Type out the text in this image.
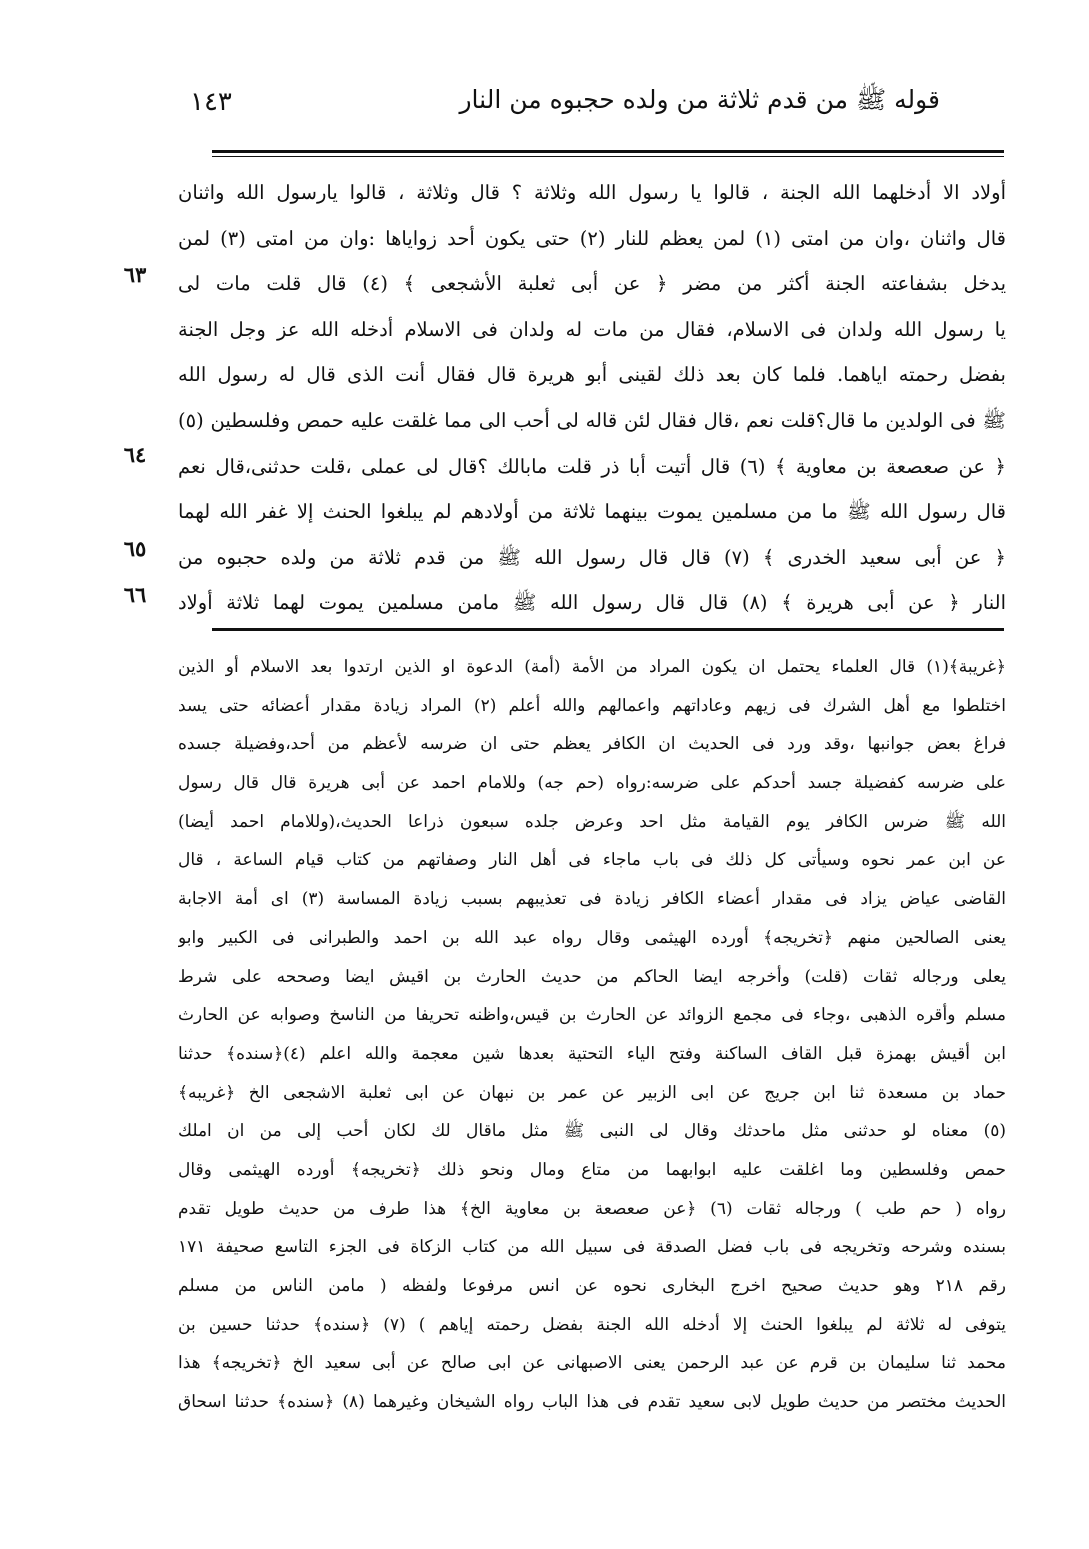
قوله ﷺ من قدم ثلاثة من ولده حجبوه من النار
١٤٣
أولاد الا أدخلهما الله الجنة ، قالوا يا رسول الله وثلاثة ؟ قال وثلاثة ، قالوا يارسول الله واثنان
قال واثنان ،وان من امتى (١) لمن يعظم للنار (٢) حتى يكون أحد زواياها :وان من امتى (٣) لمن
يدخل بشفاعته الجنة أكثر من مضر ﴿ عن أبى ثعلبة الأشجعى ﴾ (٤) قال قلت مات لى
يا رسول الله ولدان فى الاسلام، فقال من مات له ولدان فى الاسلام أدخله الله عز وجل الجنة
بفضل رحمته اياهما. فلما كان بعد ذلك لقينى أبو هريرة قال فقال أنت الذى قال له رسول الله
ﷺ فى الولدين ما قال؟قلت نعم ،قال فقال لئن قاله لى أحب الى مما غلقت عليه حمص وفلسطين (٥)
﴿ عن صعصعة بن معاوية ﴾ (٦) قال أتيت أبا ذر قلت مابالك ؟قال لى عملى ،قلت حدثنى،قال نعم
قال رسول الله ﷺ ما من مسلمين يموت بينهما ثلاثة من أولادهم لم يبلغوا الحنث إلا غفر الله لهما
﴿ عن أبى سعيد الخدرى ﴾ (٧) قال قال رسول الله ﷺ من قدم ثلاثة من ولده حجبوه من
النار ﴿ عن أبى هريرة ﴾ (٨) قال قال رسول الله ﷺ مامن مسلمين يموت لهما ثلاثة أولاد
٦٣
٦٤
٦٥
٦٦
﴿غريبة﴾(١) قال العلماء يحتمل ان يكون المراد من الأمة (أمة) الدعوة او الذين ارتدوا بعد الاسلام أو الذين
اختلطوا مع أهل الشرك فى زيهم وعاداتهم واعمالهم والله أعلم (٢) المراد زيادة مقدار أعضائه حتى يسد
فراغ بعض جوانبها ،وقد ورد فى الحديث ان الكافر يعظم حتى ان ضرسه لأعظم من أحد،وفضيلة جسده
على ضرسه كفضيلة جسد أحدكم على ضرسه:رواه (حم جه) وللامام احمد عن أبى هريرة قال قال رسول
الله ﷺ ضرس الكافر يوم القيامة مثل احد وعرض جلده سبعون ذراعا الحديث،(وللامام احمد أيضا)
عن ابن عمر نحوه وسيأتى كل ذلك فى باب ماجاء فى أهل النار وصفاتهم من كتاب قيام الساعة ، قال
القاضى عياض يزاد فى مقدار أعضاء الكافر زيادة فى تعذيبهم بسبب زيادة المساسة (٣) اى أمة الاجابة
يعنى الصالحين منهم ﴿تخريجه﴾ أورده الهيثمى وقال رواه عبد الله بن احمد والطبرانى فى الكبير وابو
يعلى ورجاله ثقات (قلت) وأخرجه ايضا الحاكم من حديث الحارث بن اقيش ايضا وصححه على شرط
مسلم وأقره الذهبى ،وجاء فى مجمع الزوائد عن الحارث بن قيس،واظنه تحريفا من الناسخ وصوابه عن الحارث
ابن أقيش بهمزة قبل القاف الساكنة وفتح الياء التحتية بعدها شين معجمة والله اعلم (٤)﴿سنده﴾ حدثنا
حماد بن مسعدة ثنا ابن جريج عن ابى الزبير عن عمر بن نبهان عن ابى ثعلبة الاشجعى الخ ﴿غريبه﴾
(٥) معناه لو حدثنى مثل ماحدثك وقال لى النبى ﷺ مثل ماقال لك لكان أحب إلى من ان املك
حمص وفلسطين وما اغلقت عليه ابوابهما من متاع ومال ونحو ذلك ﴿تخريجه﴾ أورده الهيثمى وقال
رواه ( حم طب ) ورجاله ثقات (٦) ﴿عن صعصعة بن معاوية الخ﴾ هذا طرف من حديث طويل تقدم
بسنده وشرحه وتخريجه فى باب فضل الصدقة فى سبيل الله من كتاب الزكاة فى الجزء التاسع صحيفة ١٧١
رقم ٢١٨ وهو حديث صحيح اخرج البخارى نحوه عن انس مرفوعا ولفظه ( مامن الناس من مسلم
يتوفى له ثلاثة لم يبلغوا الحنث إلا أدخله الله الجنة بفضل رحمته إياهم ) (٧) ﴿سنده﴾ حدثنا حسين بن
محمد ثنا سليمان بن قرم عن عبد الرحمن يعنى الاصبهانى عن ابى صالح عن أبى سعيد الخ ﴿تخريجه﴾ هذا
الحديث مختصر من حديث طويل لابى سعيد تقدم فى هذا الباب رواه الشيخان وغيرهما (٨) ﴿سنده﴾ حدثنا اسحاق
